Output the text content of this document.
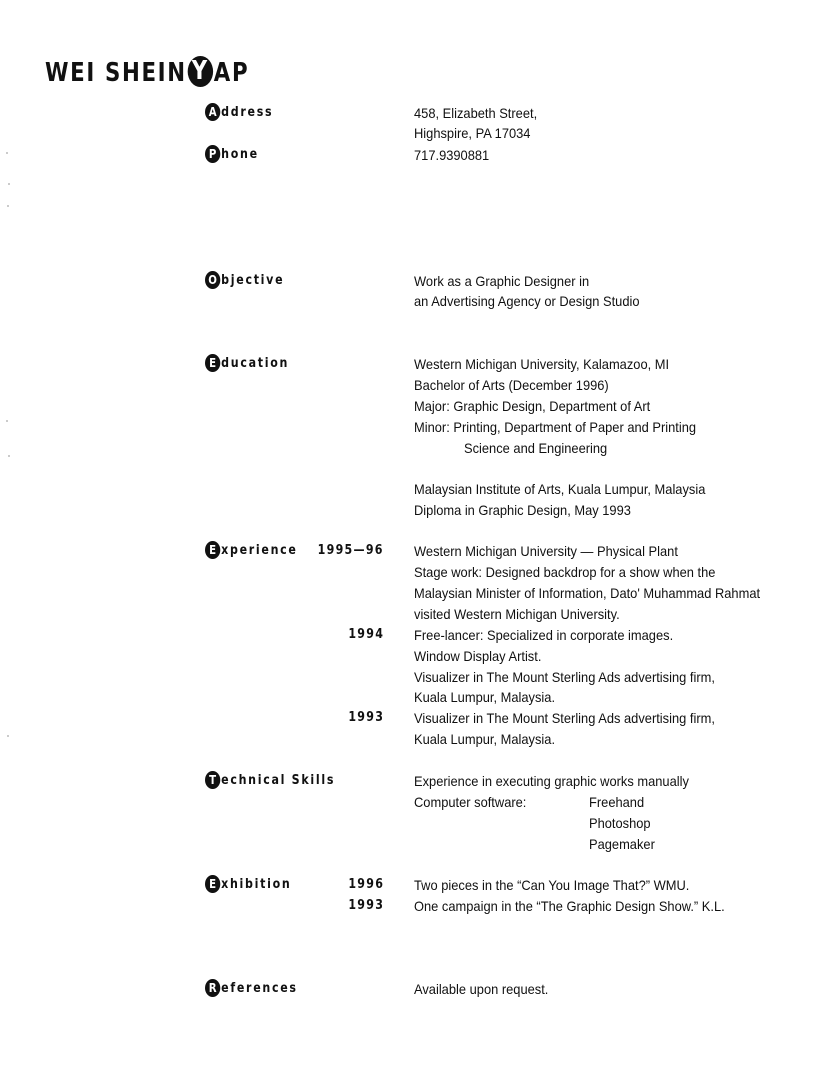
WEI SHEIN Y AP
A ddress	458, Elizabeth Street,
Highspire, PA 17034
P hone	717.9390881
O bjective	Work as a Graphic Designer in
an Advertising Agency or Design Studio
E ducation	Western Michigan University, Kalamazoo, MI
Bachelor of Arts (December 1996)
Major: Graphic Design, Department of Art
Minor: Printing, Department of Paper and Printing
Science and Engineering
Malaysian Institute of Arts, Kuala Lumpur, Malaysia
Diploma in Graphic Design, May 1993
E xperience 1995—96 Western Michigan University — Physical Plant
Stage work: Designed backdrop for a show when the
Malaysian Minister of Information, Dato' Muhammad Rahmat
visited Western Michigan University.
1994 Free-lancer: Specialized in corporate images.
Window Display Artist.
Visualizer in The Mount Sterling Ads advertising firm,
Kuala Lumpur, Malaysia.
1993 Visualizer in The Mount Sterling Ads advertising firm,
Kuala Lumpur, Malaysia.
T echnical Skills	Experience in executing graphic works manually
Computer software:	Freehand
Photoshop
Pagemaker
E xhibition	1996 Two pieces in the “Can You Image That?” WMU.
1993 One campaign in the “The Graphic Design Show.” K.L.
R eferences	Available upon request.
